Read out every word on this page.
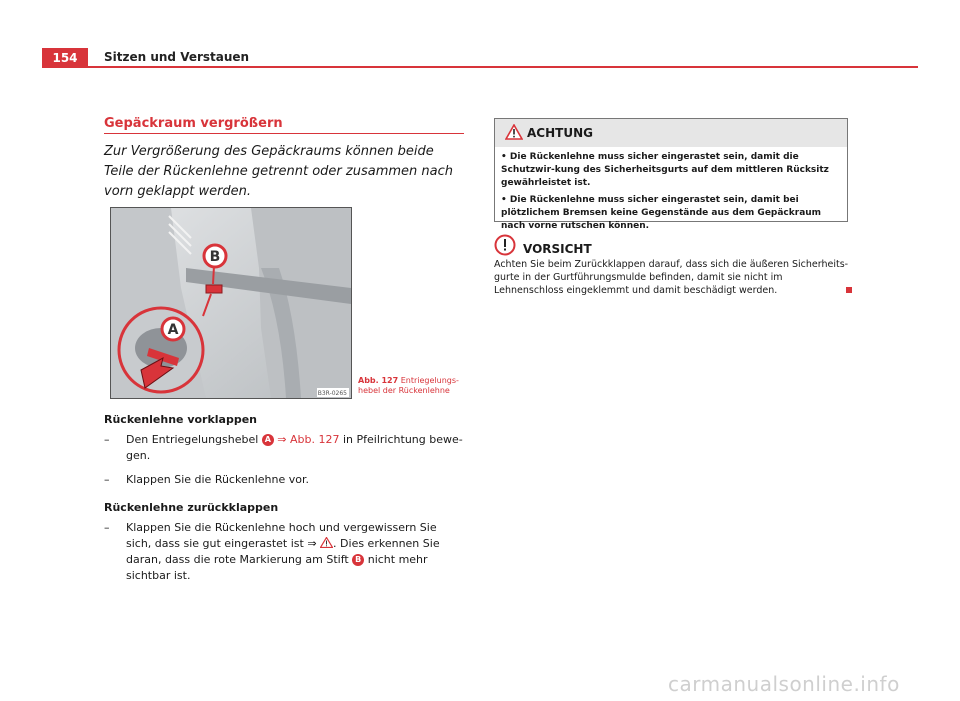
154	Sitzen und Verstauen
Gepäckraum vergrößern
Zur Vergrößerung des Gepäckraums können beide Teile der Rückenlehne getrennt oder zusammen nach vorn geklappt werden.
B
A
B3R-0265
Abb. 127 Entriegelungs-hebel der Rückenlehne
Rückenlehne vorklappen
– Den Entriegelungshebel A ⇒ Abb. 127 in Pfeilrichtung bewe-gen.
– Klappen Sie die Rückenlehne vor.
Rückenlehne zurückklappen
– Klappen Sie die Rückenlehne hoch und vergewissern Sie sich, dass sie gut eingerastet ist ⇒ . Dies erkennen Sie daran, dass die rote Markierung am Stift B nicht mehr sichtbar ist.
ACHTUNG

• Die Rückenlehne muss sicher eingerastet sein, damit die Schutzwir-kung des Sicherheitsgurts auf dem mittleren Rücksitz gewährleistet ist.

• Die Rückenlehne muss sicher eingerastet sein, damit bei plötzlichem Bremsen keine Gegenstände aus dem Gepäckraum nach vorne rutschen können.

VORSICHT
Achten Sie beim Zurückklappen darauf, dass sich die äußeren Sicherheits-gurte in der Gurtführungsmulde befinden, damit sie nicht im Lehnenschloss eingeklemmt und damit beschädigt werden.
carmanualsonline.info
